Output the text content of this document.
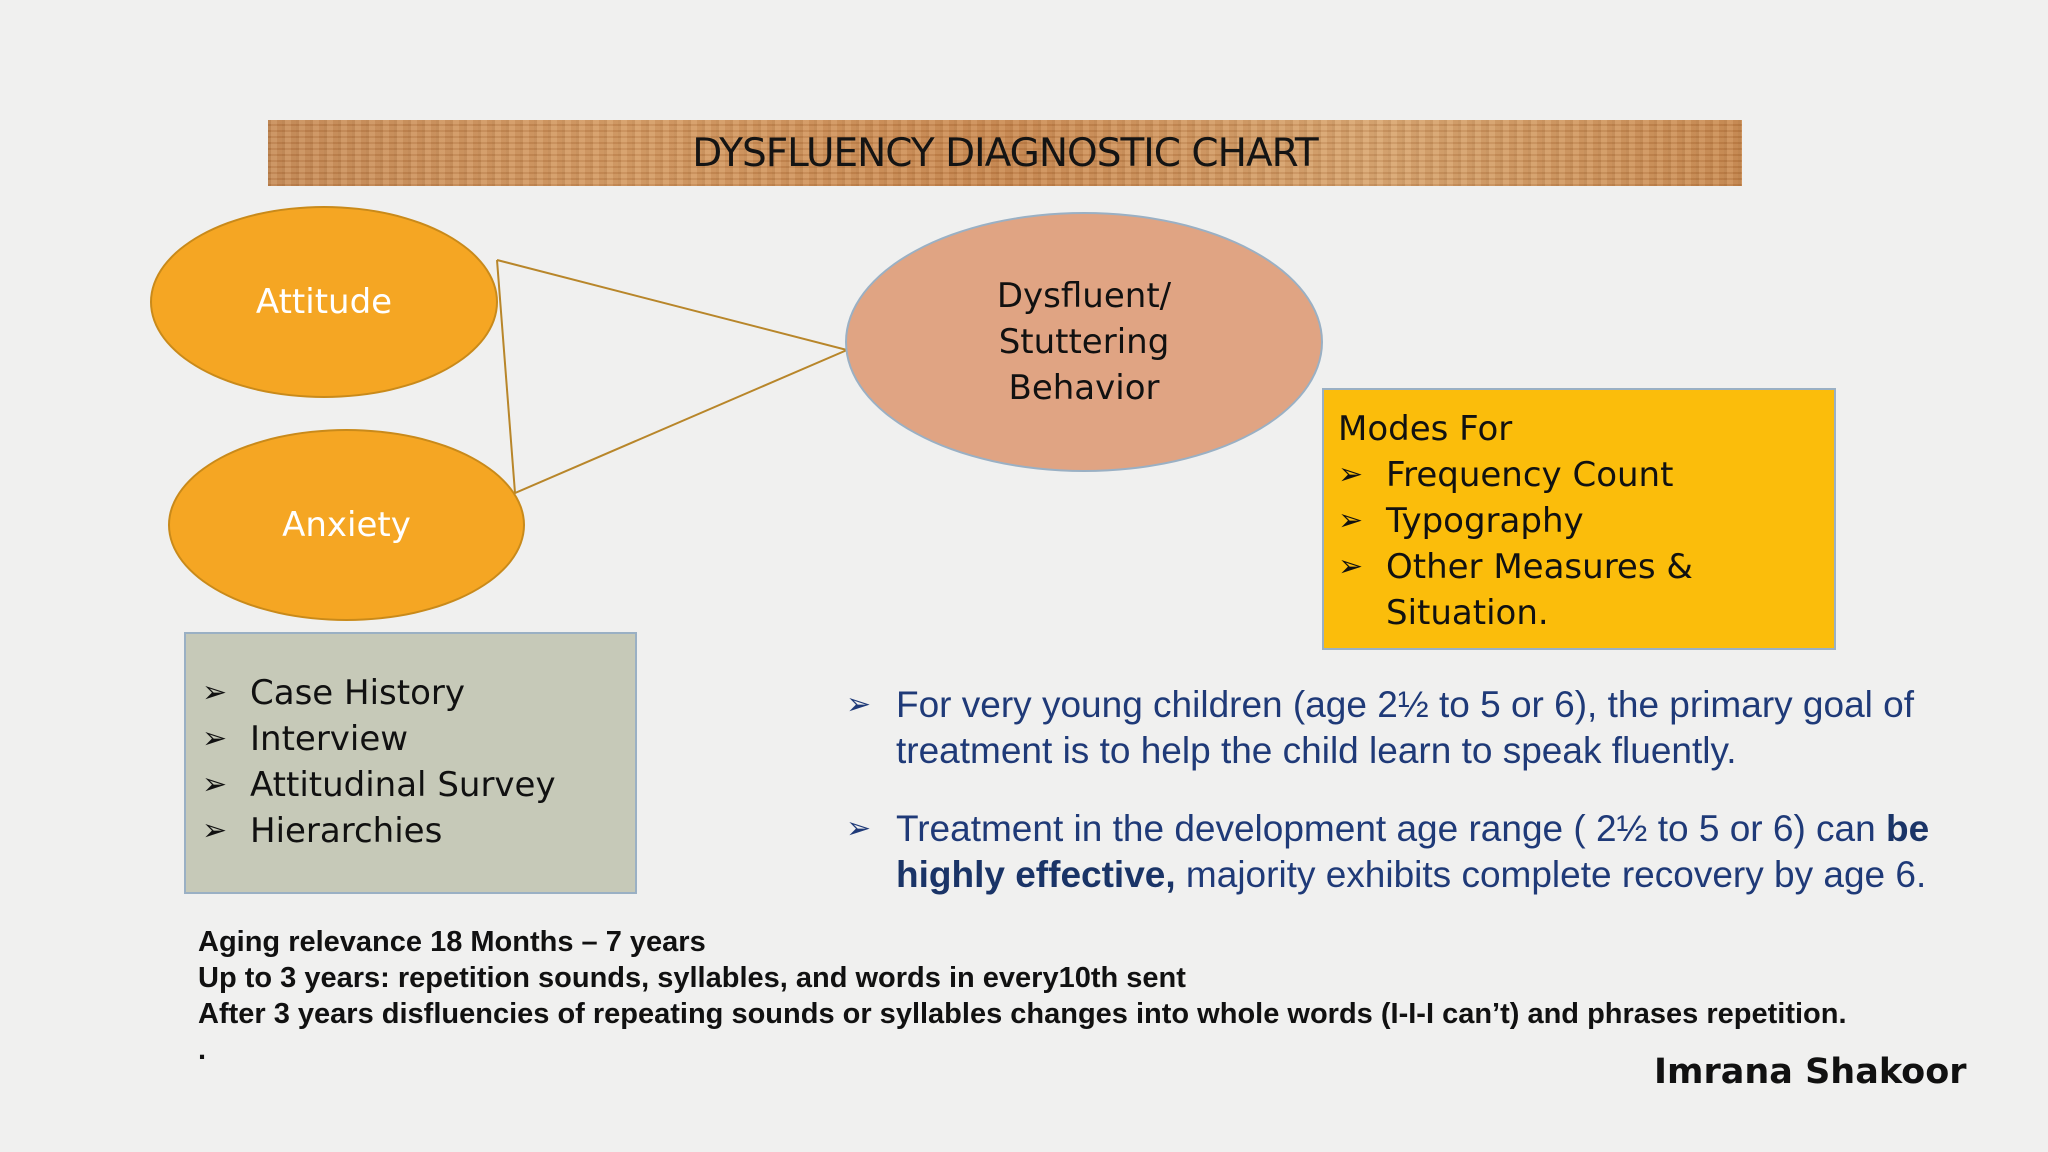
DYSFLUENCY DIAGNOSTIC CHART
Attitude
Anxiety
Dysfluent/
Stuttering
Behavior
Modes For
➢ Frequency Count
➢ Typography
➢ Other Measures &
Situation.
➢ Case History
➢ Interview
➢ Attitudinal Survey
➢ Hierarchies
➢ For very young children (age 2½ to 5 or 6), the primary goal of treatment is to help the child learn to speak fluently.
➢ Treatment in the development age range ( 2½ to 5 or 6) can be highly effective, majority exhibits complete recovery by age 6.
Aging relevance 18 Months – 7 years
Up to 3 years: repetition sounds, syllables, and words in every10th sent
After 3 years disfluencies of repeating sounds or syllables changes into whole words (I-I-I can’t) and phrases repetition.
.
Imrana Shakoor
